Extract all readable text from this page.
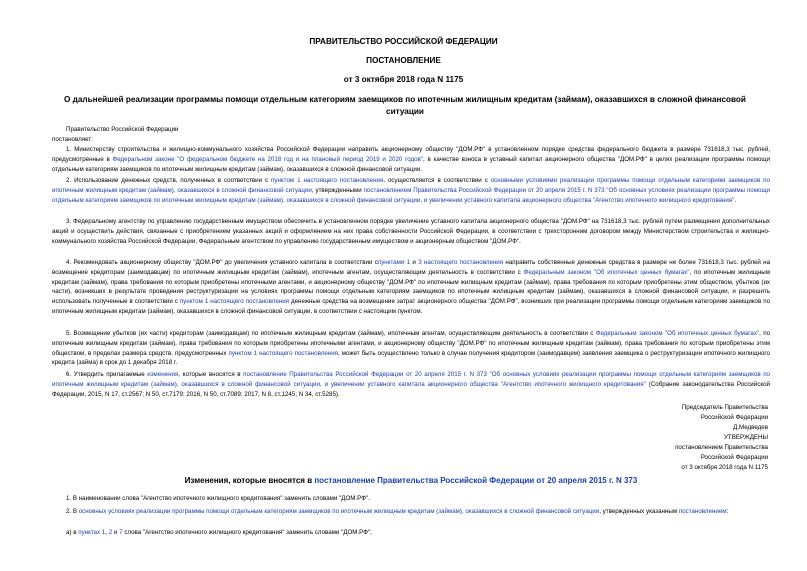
ПРАВИТЕЛЬСТВО РОССИЙСКОЙ ФЕДЕРАЦИИ
ПОСТАНОВЛЕНИЕ
от 3 октября 2018 года N 1175
О дальнейшей реализации программы помощи отдельным категориям заемщиков по ипотечным жилищным кредитам (займам), оказавшихся в сложной финансовой ситуации

Правительство Российской Федерации

постановляет:

1. Министерству строительства и жилищно-коммунального хозяйства Российской Федерации направить акционерному обществу "ДОМ.РФ" в установленном порядке средства федерального бюджета в размере 731618,3 тыс. рублей, предусмотренные в Федеральном законе "О федеральном бюджете на 2018 год и на плановый период 2019 и 2020 годов", в качестве взноса в уставный капитал акционерного общества "ДОМ.РФ" в целях реализации программы помощи отдельным категориям заемщиков по ипотечным жилищным кредитам (займам), оказавшихся в сложной финансовой ситуации.

2. Использование денежных средств, полученных в соответствии с пунктом 1 настоящего постановления, осуществляется в соответствии с основными условиями реализации программы помощи отдельным категориям заемщиков по ипотечным жилищным кредитам (займам), оказавшихся в сложной финансовой ситуации, утвержденными постановлением Правительства Российской Федерации от 20 апреля 2015 г. N 373 "Об основных условиях реализации программы помощи отдельным категориям заемщиков по ипотечным жилищным кредитам (займам), оказавшихся в сложной финансовой ситуации, и увеличении уставного капитала акционерного общества "Агентство ипотечного жилищного кредитования".

3. Федеральному агентству по управлению государственным имуществом обеспечить в установленном порядке увеличение уставного капитала акционерного общества "ДОМ.РФ" на 731618,3 тыс. рублей путем размещения дополнительных акций и осуществить действия, связанные с приобретением указанных акций и оформлением на них права собственности Российской Федерации, в соответствии с трехсторонним договором между Министерством строительства и жилищно-коммунального хозяйства Российской Федерации, Федеральным агентством по управлению государственным имуществом и акционерным обществом "ДОМ.РФ".

4. Рекомендовать акционерному обществу "ДОМ.РФ" до увеличения уставного капитала в соответствии спунктами 1 и 3 настоящего постановления направить собственные денежные средства в размере не более 731618,3 тыс. рублей на возмещение кредиторам (заимодавцам) по ипотечным жилищным кредитам (займам), ипотечным агентам, осуществляющим деятельность в соответствии с Федеральным законом "Об ипотечных ценных бумагах", по ипотечным жилищным кредитам (займам), права требования по которым приобретены ипотечными агентами, и акционерному обществу "ДОМ.РФ" по ипотечным жилищным кредитам (займам), права требования по которым приобретены этим обществом, убытков (их части), возникших в результате проведения реструктуризации на условиях программы помощи отдельным категориям заемщиков по ипотечным жилищным кредитам (займам), оказавшихся в сложной финансовой ситуации, и разрешить использовать полученные в соответствии с пунктом 1 настоящего постановления денежные средства на возмещение затрат акционерного общества "ДОМ.РФ", возникших при реализации программы помощи отдельным категориям заемщиков по ипотечным жилищным кредитам (займам), оказавшихся в сложной финансовой ситуации, в соответствии с настоящим пунктом.

5. Возмещение убытков (их части) кредиторам (заимодавцам) по ипотечным жилищным кредитам (займам), ипотечным агентам, осуществляющим деятельность в соответствии с Федеральным законом "Об ипотечных ценных бумагах", по ипотечным жилищным кредитам (займам), права требования по которым приобретены ипотечными агентами, и акционерному обществу "ДОМ.РФ" по ипотечным жилищным кредитам (займам), права требования по которым приобретены этим обществом, в пределах размера средств, предусмотренных пунктом 1 настоящего постановления, может быть осуществлено только в случае получения кредитором (заимодавцем) заявления заемщика о реструктуризации ипотечного жилищного кредита (займа) в срок до 1 декабря 2018 г.

6. Утвердить прилагаемые изменения, которые вносятся в постановление Правительства Российской Федерации от 20 апреля 2015 г. N 373 "Об основных условиях реализации программы помощи отдельным категориям заемщиков по ипотечным жилищным кредитам (займам), оказавшихся в сложной финансовой ситуации, и увеличении уставного капитала акционерного общества "Агентство ипотечного жилищного кредитования" (Собрание законодательства Российской Федерации, 2015, N 17, ст.2567; N 50, ст.7179; 2016, N 50, ст.7089; 2017, N 8, ст.1245; N 34, ст.5285).

Председатель Правительства
Российской Федерации
Д.Медведев
УТВЕРЖДЕНЫ
постановлением Правительства
Российской Федерации
от 3 октября 2018 года N 1175
Изменения, которые вносятся в постановление Правительства Российской Федерации от 20 апреля 2015 г. N 373

1. В наименовании слова "Агентство ипотечного жилищного кредитования" заменить словами "ДОМ.РФ".

2. В основных условиях реализации программы помощи отдельным категориям заемщиков по ипотечным жилищным кредитам (займам), оказавшихся в сложной финансовой ситуации, утвержденных указанным постановлением:

а) в пунктах 1, 2 и 7 слова "Агентство ипотечного жилищного кредитования" заменить словами "ДОМ.РФ";
